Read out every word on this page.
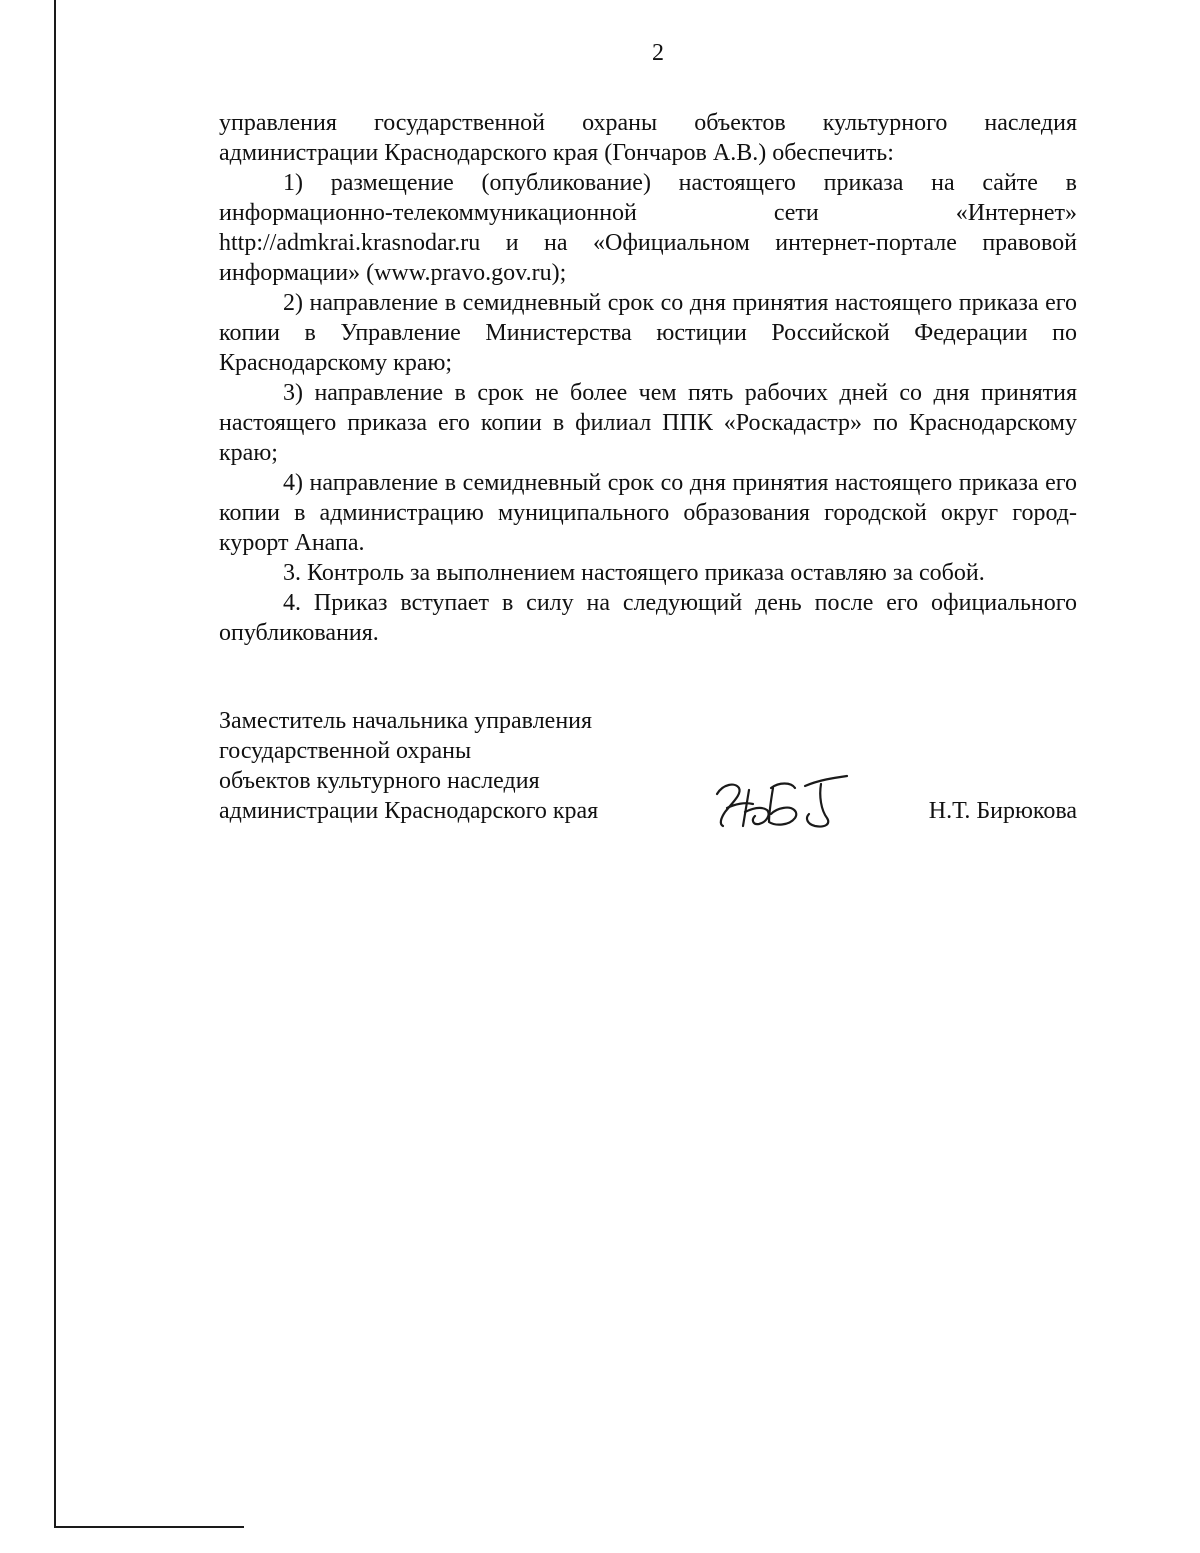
2

управления государственной охраны объектов культурного наследия администрации Краснодарского края (Гончаров А.В.) обеспечить:

1) размещение (опубликование) настоящего приказа на сайте в информационно-телекоммуникационной сети «Интернет» http://admkrai.krasnodar.ru и на «Официальном интернет-портале правовой информации» (www.pravo.gov.ru);

2) направление в семидневный срок со дня принятия настоящего приказа его копии в Управление Министерства юстиции Российской Федерации по Краснодарскому краю;

3) направление в срок не более чем пять рабочих дней со дня принятия настоящего приказа его копии в филиал ППК «Роскадастр» по Краснодарскому краю;

4) направление в семидневный срок со дня принятия настоящего приказа его копии в администрацию муниципального образования городской округ город-курорт Анапа.

3. Контроль за выполнением настоящего приказа оставляю за собой.

4. Приказ вступает в силу на следующий день после его официального опубликования.

Заместитель начальника управления
государственной охраны
объектов культурного наследия
администрации Краснодарского края	Н.Т. Бирюкова
